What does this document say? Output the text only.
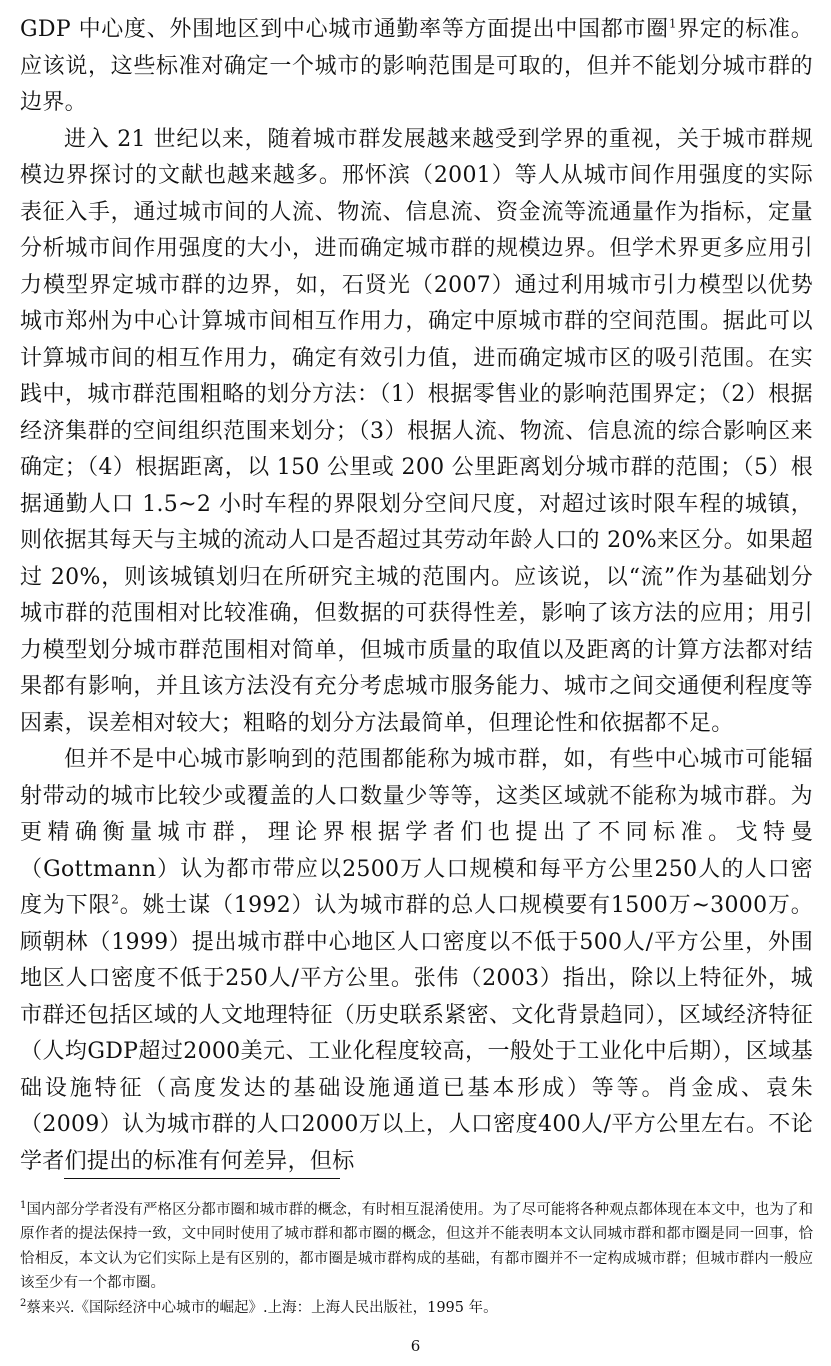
GDP 中心度、外围地区到中心城市通勤率等方面提出中国都市圈$^1$界定的标准。应该说，这些标准对确定一个城市的影响范围是可取的，但并不能划分城市群的边界。

进入 21 世纪以来，随着城市群发展越来越受到学界的重视，关于城市群规模边界探讨的文献也越来越多。邢怀滨（2001）等人从城市间作用强度的实际表征入手，通过城市间的人流、物流、信息流、资金流等流通量作为指标，定量分析城市间作用强度的大小，进而确定城市群的规模边界。但学术界更多应用引力模型界定城市群的边界，如，石贤光（2007）通过利用城市引力模型以优势城市郑州为中心计算城市间相互作用力，确定中原城市群的空间范围。据此可以计算城市间的相互作用力，确定有效引力值，进而确定城市区的吸引范围。在实践中，城市群范围粗略的划分方法：（1）根据零售业的影响范围界定；（2）根据经济集群的空间组织范围来划分；（3）根据人流、物流、信息流的综合影响区来确定；（4）根据距离，以 150 公里或 200 公里距离划分城市群的范围；（5）根据通勤人口 1.5~2 小时车程的界限划分空间尺度，对超过该时限车程的城镇，则依据其每天与主城的流动人口是否超过其劳动年龄人口的 20%来区分。如果超过 20%，则该城镇划归在所研究主城的范围内。应该说，以“流”作为基础划分城市群的范围相对比较准确，但数据的可获得性差，影响了该方法的应用；用引力模型划分城市群范围相对简单，但城市质量的取值以及距离的计算方法都对结果都有影响，并且该方法没有充分考虑城市服务能力、城市之间交通便利程度等因素，误差相对较大；粗略的划分方法最简单，但理论性和依据都不足。

但并不是中心城市影响到的范围都能称为城市群，如，有些中心城市可能辐射带动的城市比较少或覆盖的人口数量少等等，这类区域就不能称为城市群。为更精确衡量城市群，理论界根据学者们也提出了不同标准。戈特曼（Gottmann）认为都市带应以2500万人口规模和每平方公里250人的人口密度为下限$^2$。姚士谋（1992）认为城市群的总人口规模要有1500万~3000万。顾朝林（1999）提出城市群中心地区人口密度以不低于500人/平方公里，外围地区人口密度不低于250人/平方公里。张伟（2003）指出，除以上特征外，城市群还包括区域的人文地理特征（历史联系紧密、文化背景趋同），区域经济特征（人均GDP超过2000美元、工业化程度较高，一般处于工业化中后期），区域基础设施特征（高度发达的基础设施通道已基本形成）等等。肖金成、袁朱（2009）认为城市群的人口2000万以上，人口密度400人/平方公里左右。不论学者们提出的标准有何差异，但标

$^1$国内部分学者没有严格区分都市圈和城市群的概念，有时相互混淆使用。为了尽可能将各种观点都体现在本文中，也为了和原作者的提法保持一致，文中同时使用了城市群和都市圈的概念，但这并不能表明本文认同城市群和都市圈是同一回事，恰恰相反，本文认为它们实际上是有区别的，都市圈是城市群构成的基础，有都市圈并不一定构成城市群；但城市群内一般应该至少有一个都市圈。

$^2$蔡来兴.《国际经济中心城市的崛起》.上海：上海人民出版社，1995 年。

6
